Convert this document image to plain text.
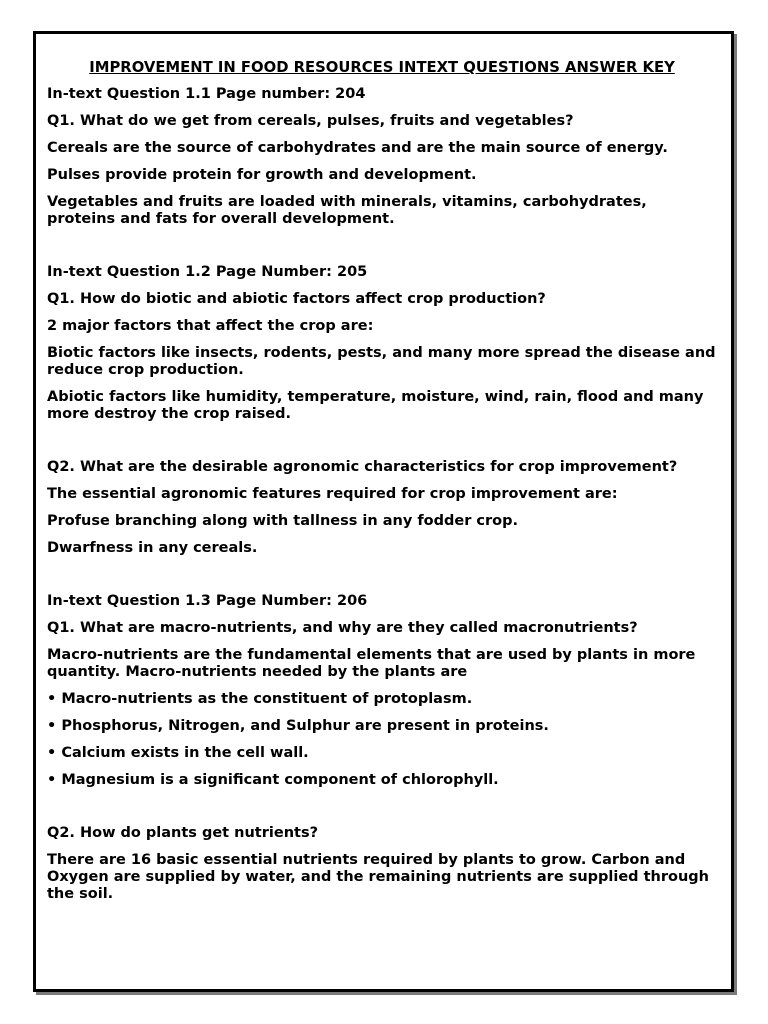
IMPROVEMENT IN FOOD RESOURCES INTEXT QUESTIONS ANSWER KEY
In-text Question 1.1 Page number: 204
Q1. What do we get from cereals, pulses, fruits and vegetables?
Cereals are the source of carbohydrates and are the main source of energy.
Pulses provide protein for growth and development.
Vegetables and fruits are loaded with minerals, vitamins, carbohydrates, proteins and fats for overall development.
In-text Question 1.2 Page Number: 205
Q1. How do biotic and abiotic factors affect crop production?
2 major factors that affect the crop are:
Biotic factors like insects, rodents, pests, and many more spread the disease and reduce crop production.
Abiotic factors like humidity, temperature, moisture, wind, rain, flood and many more destroy the crop raised.
Q2. What are the desirable agronomic characteristics for crop improvement?
The essential agronomic features required for crop improvement are:
Profuse branching along with tallness in any fodder crop.
Dwarfness in any cereals.
In-text Question 1.3 Page Number: 206
Q1. What are macro-nutrients, and why are they called macronutrients?
Macro-nutrients are the fundamental elements that are used by plants in more quantity. Macro-nutrients needed by the plants are
• Macro-nutrients as the constituent of protoplasm.
• Phosphorus, Nitrogen, and Sulphur are present in proteins.
• Calcium exists in the cell wall.
• Magnesium is a significant component of chlorophyll.
Q2. How do plants get nutrients?
There are 16 basic essential nutrients required by plants to grow. Carbon and Oxygen are supplied by water, and the remaining nutrients are supplied through the soil.
